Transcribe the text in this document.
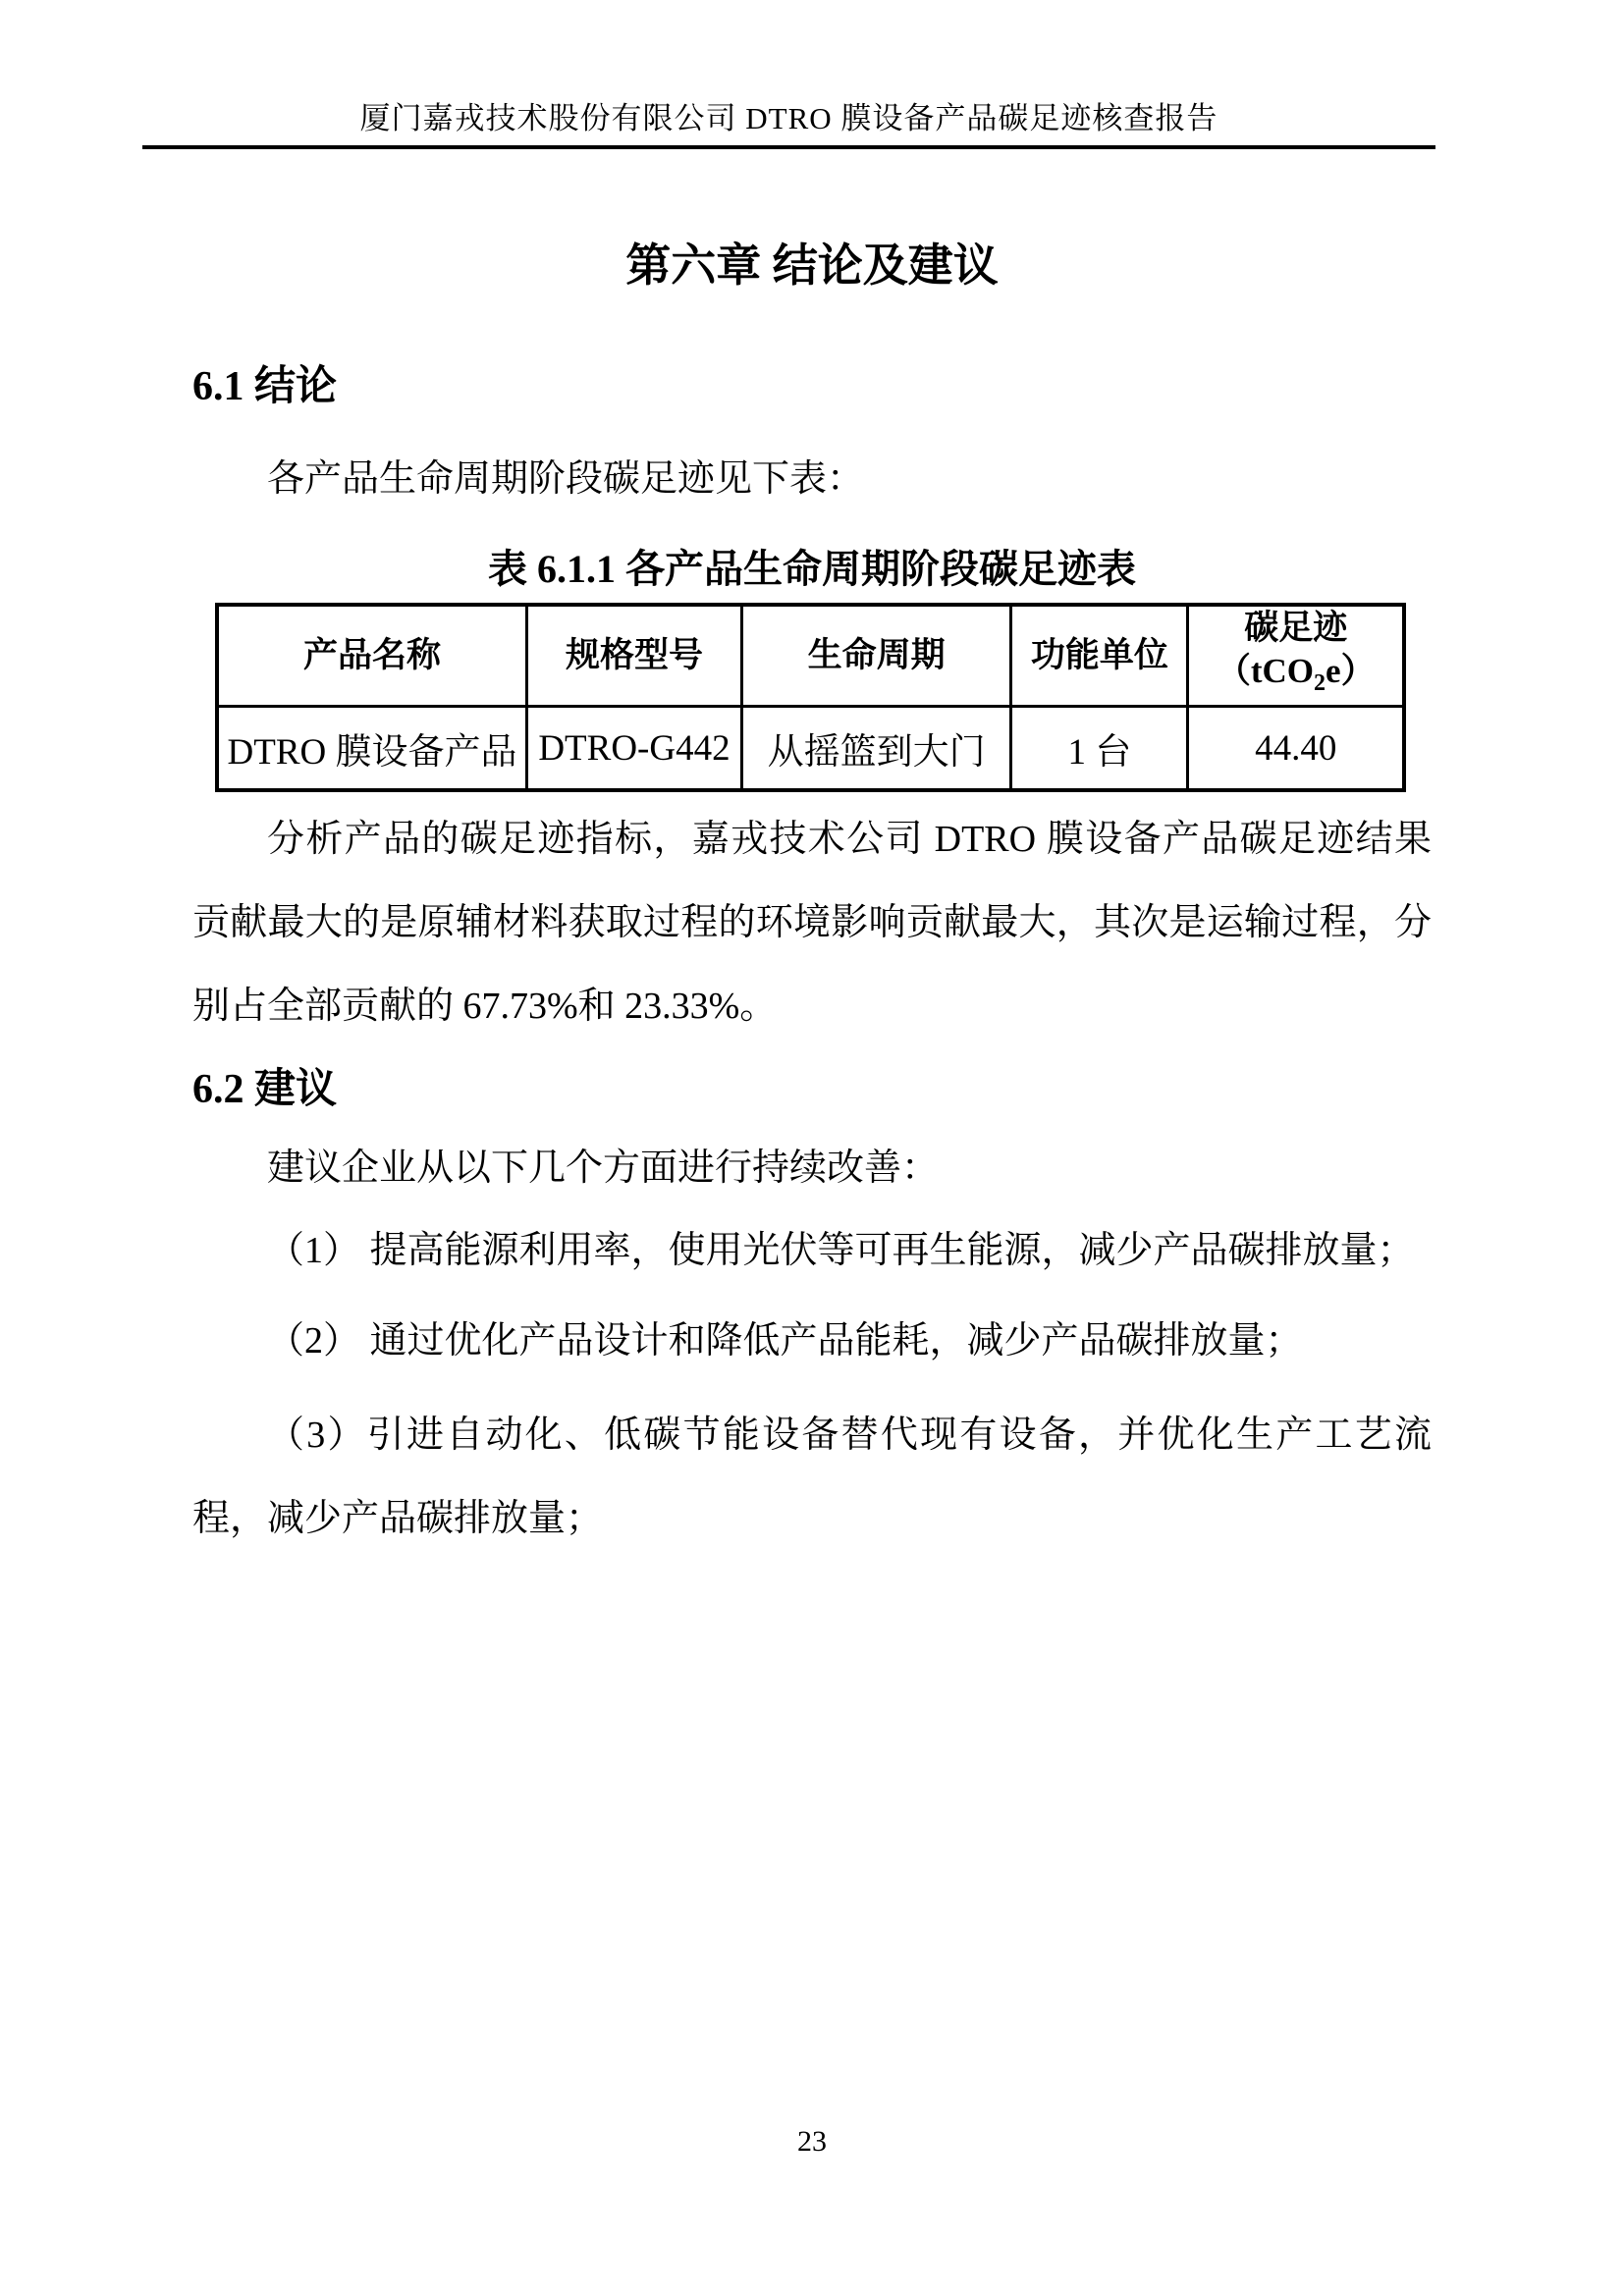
厦门嘉戎技术股份有限公司 DTRO 膜设备产品碳足迹核查报告
第六章 结论及建议
6.1 结论

各产品生命周期阶段碳足迹见下表：

表 6.1.1 各产品生命周期阶段碳足迹表
产品名称	规格型号	生命周期	功能单位	碳足迹
（tCO$_2$e）
DTRO 膜设备产品	DTRO-G442	从摇篮到大门	1 台	44.40

分析产品的碳足迹指标，嘉戎技术公司 DTRO 膜设备产品碳足迹结果贡献最大的是原辅材料获取过程的环境影响贡献最大，其次是运输过程，分别占全部贡献的 67.73%和 23.33%。

6.2 建议

建议企业从以下几个方面进行持续改善：

（1） 提高能源利用率，使用光伏等可再生能源，减少产品碳排放量；

（2） 通过优化产品设计和降低产品能耗，减少产品碳排放量；

（3）引进自动化、低碳节能设备替代现有设备，并优化生产工艺流程，减少产品碳排放量；

23
